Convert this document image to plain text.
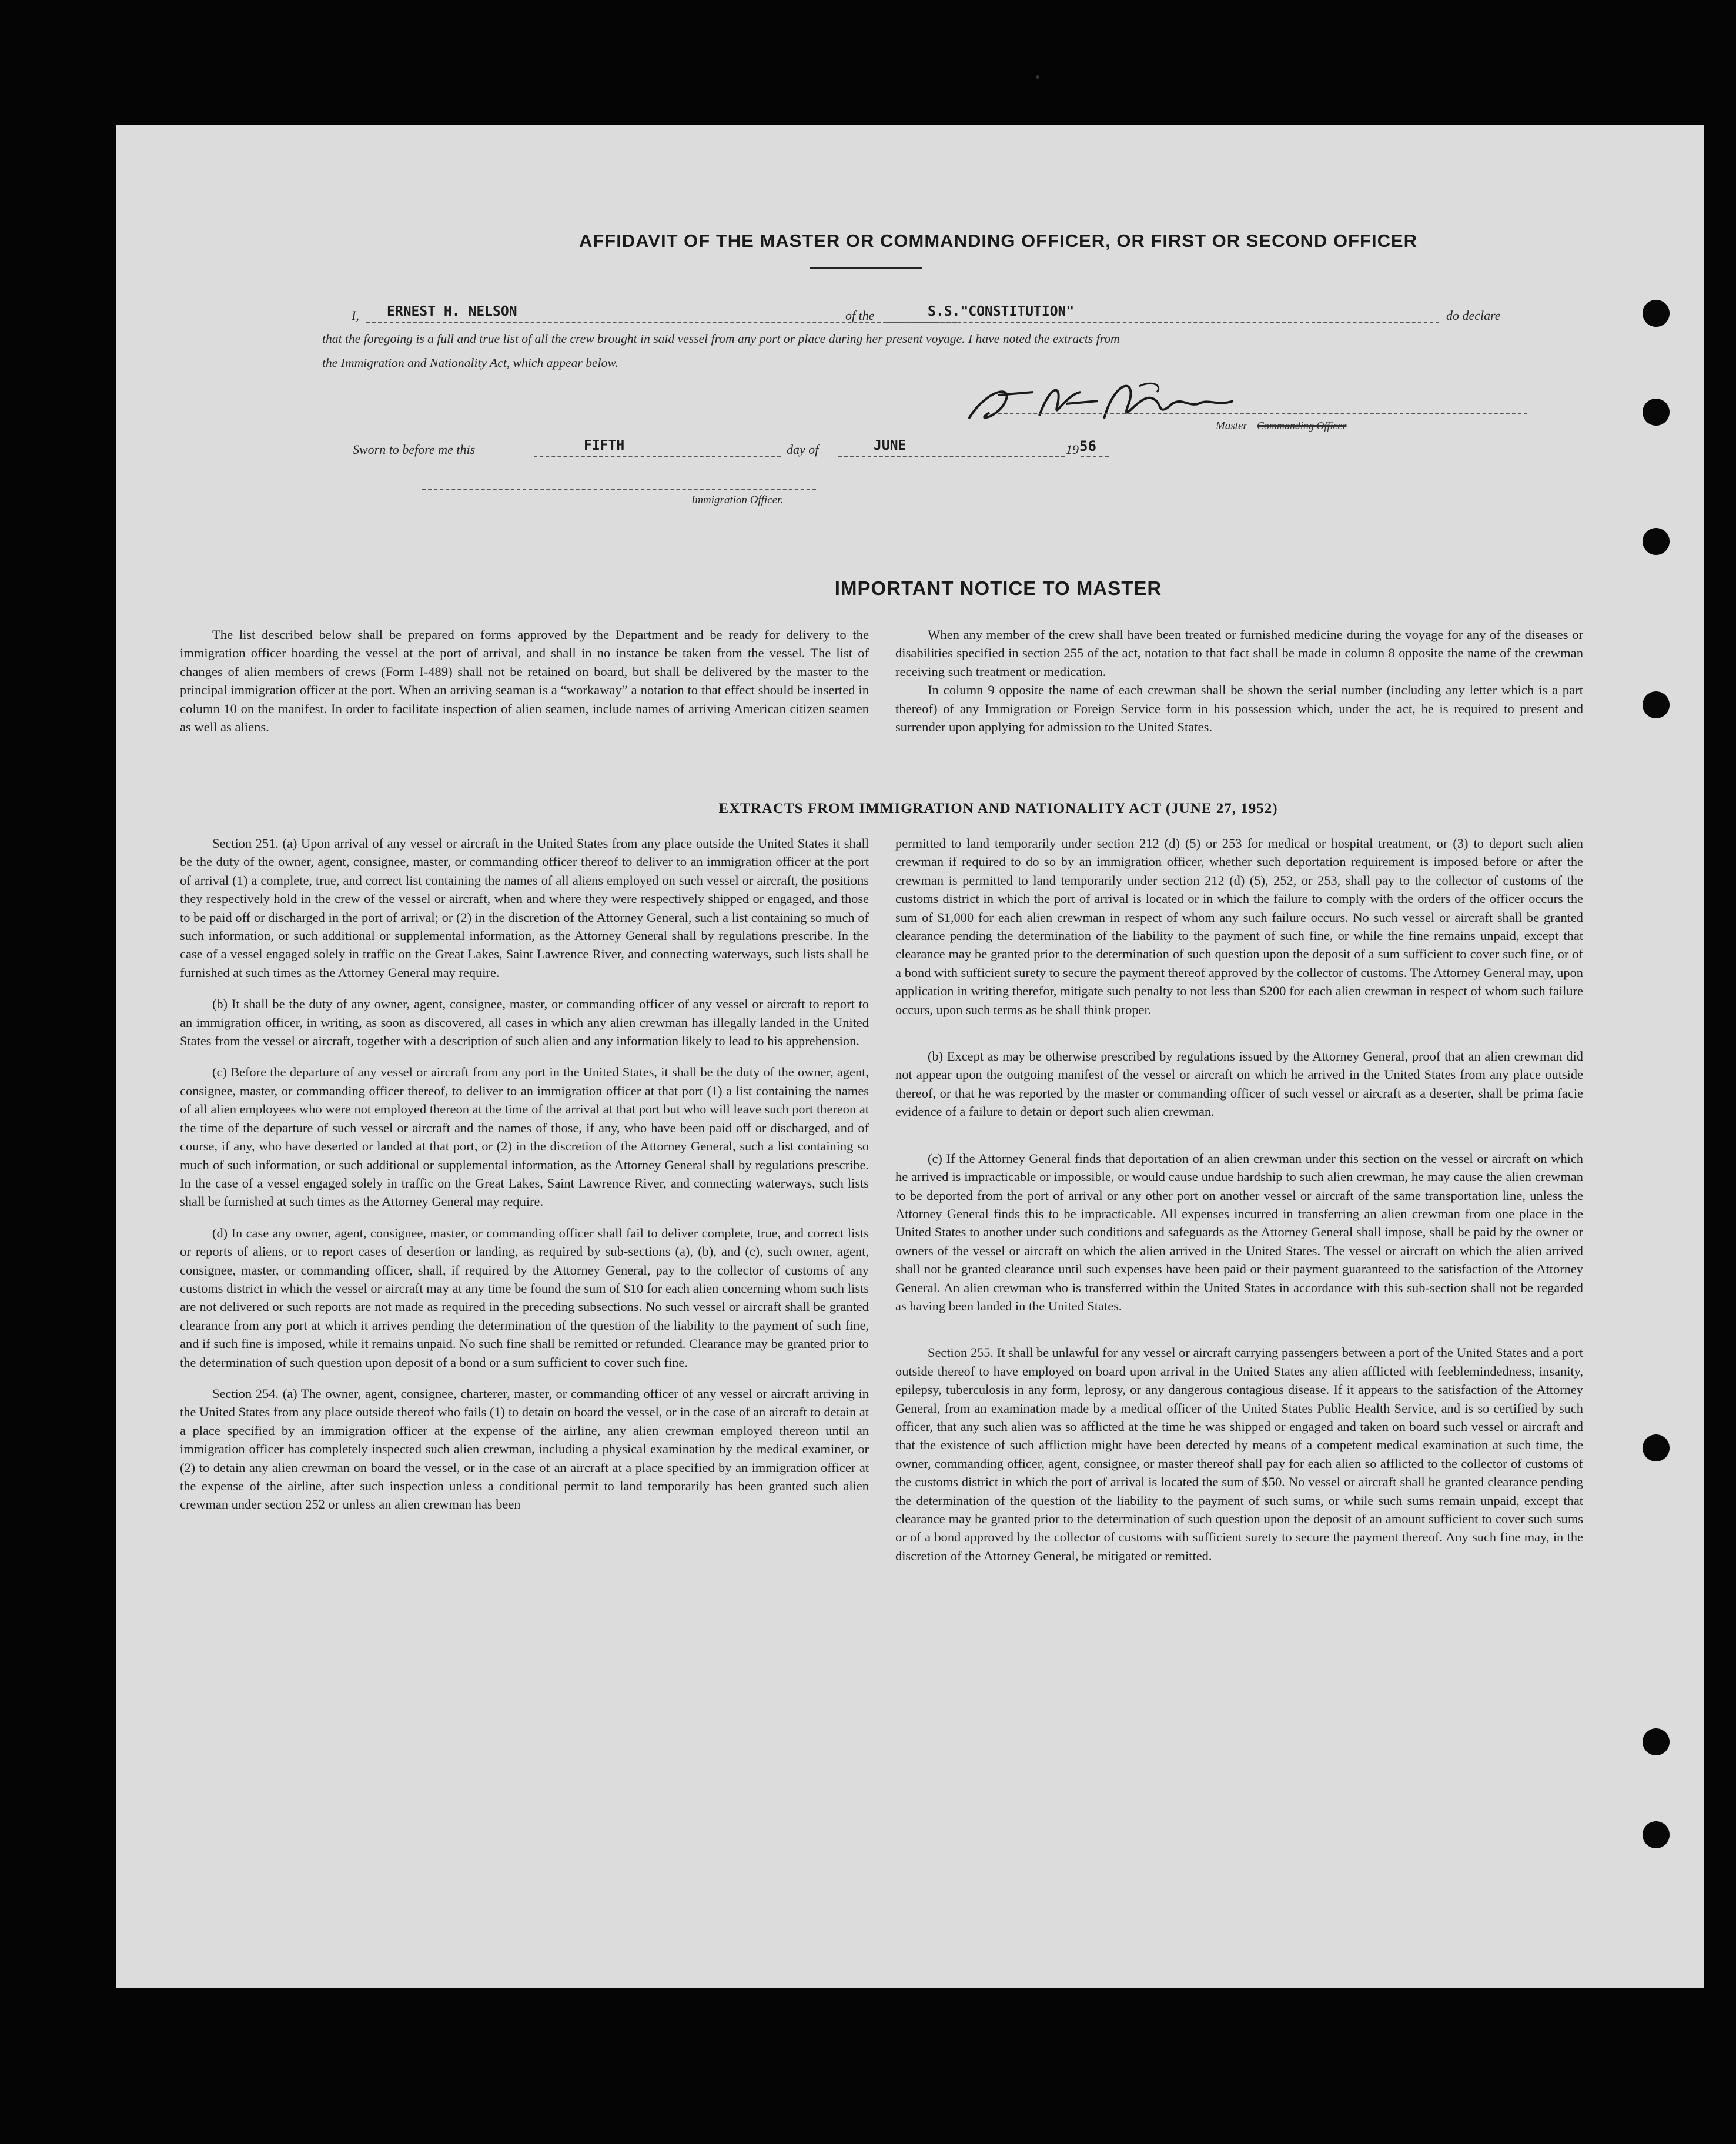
AFFIDAVIT OF THE MASTER OR COMMANDING OFFICER, OR FIRST OR SECOND OFFICER
I, ERNEST H. NELSON	of the	S.S."CONSTITUTION"	do declare
that the foregoing is a full and true list of all the crew brought in said vessel from any port or place during her present voyage. I have noted the extracts from
the Immigration and Nationality Act, which appear below.
Master Commanding Officer
Sworn to before me this	FIFTH	day of	JUNE	19 56
Immigration Officer.
IMPORTANT NOTICE TO MASTER

The list described below shall be prepared on forms approved by the Department and be ready for delivery to the immigration officer boarding the vessel at the port of arrival, and shall in no instance be taken from the vessel. The list of changes of alien members of crews (Form I-489) shall not be retained on board, but shall be delivered by the master to the principal immigration officer at the port. When an arriving seaman is a “workaway” a notation to that effect should be inserted in column 10 on the manifest. In order to facilitate inspection of alien seamen, include names of arriving American citizen seamen as well as aliens.

When any member of the crew shall have been treated or furnished medicine during the voyage for any of the diseases or disabilities specified in section 255 of the act, notation to that fact shall be made in column 8 opposite the name of the crewman receiving such treatment or medication.

In column 9 opposite the name of each crewman shall be shown the serial number (including any letter which is a part thereof) of any Immigration or Foreign Service form in his possession which, under the act, he is required to present and surrender upon applying for admission to the United States.

EXTRACTS FROM IMMIGRATION AND NATIONALITY ACT (JUNE 27, 1952)

Section 251. (a) Upon arrival of any vessel or aircraft in the United States from any place outside the United States it shall be the duty of the owner, agent, consignee, master, or commanding officer thereof to deliver to an immigration officer at the port of arrival (1) a complete, true, and correct list containing the names of all aliens employed on such vessel or aircraft, the positions they respectively hold in the crew of the vessel or aircraft, when and where they were respectively shipped or engaged, and those to be paid off or discharged in the port of arrival; or (2) in the discretion of the Attorney General, such a list containing so much of such information, or such additional or supplemental information, as the Attorney General shall by regulations prescribe. In the case of a vessel engaged solely in traffic on the Great Lakes, Saint Lawrence River, and connecting waterways, such lists shall be furnished at such times as the Attorney General may require.

(b) It shall be the duty of any owner, agent, consignee, master, or commanding officer of any vessel or aircraft to report to an immigration officer, in writing, as soon as discovered, all cases in which any alien crewman has illegally landed in the United States from the vessel or aircraft, together with a description of such alien and any information likely to lead to his apprehension.

(c) Before the departure of any vessel or aircraft from any port in the United States, it shall be the duty of the owner, agent, consignee, master, or commanding officer thereof, to deliver to an immigration officer at that port (1) a list containing the names of all alien employees who were not employed thereon at the time of the arrival at that port but who will leave such port thereon at the time of the departure of such vessel or aircraft and the names of those, if any, who have been paid off or discharged, and of course, if any, who have deserted or landed at that port, or (2) in the discretion of the Attorney General, such a list containing so much of such information, or such additional or supplemental information, as the Attorney General shall by regulations prescribe. In the case of a vessel engaged solely in traffic on the Great Lakes, Saint Lawrence River, and connecting waterways, such lists shall be furnished at such times as the Attorney General may require.

(d) In case any owner, agent, consignee, master, or commanding officer shall fail to deliver complete, true, and correct lists or reports of aliens, or to report cases of desertion or landing, as required by sub-sections (a), (b), and (c), such owner, agent, consignee, master, or commanding officer, shall, if required by the Attorney General, pay to the collector of customs of any customs district in which the vessel or aircraft may at any time be found the sum of $10 for each alien concerning whom such lists are not delivered or such reports are not made as required in the preceding subsections. No such vessel or aircraft shall be granted clearance from any port at which it arrives pending the determination of the question of the liability to the payment of such fine, and if such fine is imposed, while it remains unpaid. No such fine shall be remitted or refunded. Clearance may be granted prior to the determination of such question upon deposit of a bond or a sum sufficient to cover such fine.

Section 254. (a) The owner, agent, consignee, charterer, master, or commanding officer of any vessel or aircraft arriving in the United States from any place outside thereof who fails (1) to detain on board the vessel, or in the case of an aircraft to detain at a place specified by an immigration officer at the expense of the airline, any alien crewman employed thereon until an immigration officer has completely inspected such alien crewman, including a physical examination by the medical examiner, or (2) to detain any alien crewman on board the vessel, or in the case of an aircraft at a place specified by an immigration officer at the expense of the airline, after such inspection unless a conditional permit to land temporarily has been granted such alien crewman under section 252 or unless an alien crewman has been

permitted to land temporarily under section 212 (d) (5) or 253 for medical or hospital treatment, or (3) to deport such alien crewman if required to do so by an immigration officer, whether such deportation requirement is imposed before or after the crewman is permitted to land temporarily under section 212 (d) (5), 252, or 253, shall pay to the collector of customs of the customs district in which the port of arrival is located or in which the failure to comply with the orders of the officer occurs the sum of $1,000 for each alien crewman in respect of whom any such failure occurs. No such vessel or aircraft shall be granted clearance pending the determination of the liability to the payment of such fine, or while the fine remains unpaid, except that clearance may be granted prior to the determination of such question upon the deposit of a sum sufficient to cover such fine, or of a bond with sufficient surety to secure the payment thereof approved by the collector of customs. The Attorney General may, upon application in writing therefor, mitigate such penalty to not less than $200 for each alien crewman in respect of whom such failure occurs, upon such terms as he shall think proper.

(b) Except as may be otherwise prescribed by regulations issued by the Attorney General, proof that an alien crewman did not appear upon the outgoing manifest of the vessel or aircraft on which he arrived in the United States from any place outside thereof, or that he was reported by the master or commanding officer of such vessel or aircraft as a deserter, shall be prima facie evidence of a failure to detain or deport such alien crewman.

(c) If the Attorney General finds that deportation of an alien crewman under this section on the vessel or aircraft on which he arrived is impracticable or impossible, or would cause undue hardship to such alien crewman, he may cause the alien crewman to be deported from the port of arrival or any other port on another vessel or aircraft of the same transportation line, unless the Attorney General finds this to be impracticable. All expenses incurred in transferring an alien crewman from one place in the United States to another under such conditions and safeguards as the Attorney General shall impose, shall be paid by the owner or owners of the vessel or aircraft on which the alien arrived in the United States. The vessel or aircraft on which the alien arrived shall not be granted clearance until such expenses have been paid or their payment guaranteed to the satisfaction of the Attorney General. An alien crewman who is transferred within the United States in accordance with this sub-section shall not be regarded as having been landed in the United States.

Section 255. It shall be unlawful for any vessel or aircraft carrying passengers between a port of the United States and a port outside thereof to have employed on board upon arrival in the United States any alien afflicted with feeblemindedness, insanity, epilepsy, tuberculosis in any form, leprosy, or any dangerous contagious disease. If it appears to the satisfaction of the Attorney General, from an examination made by a medical officer of the United States Public Health Service, and is so certified by such officer, that any such alien was so afflicted at the time he was shipped or engaged and taken on board such vessel or aircraft and that the existence of such affliction might have been detected by means of a competent medical examination at such time, the owner, commanding officer, agent, consignee, or master thereof shall pay for each alien so afflicted to the collector of customs of the customs district in which the port of arrival is located the sum of $50. No vessel or aircraft shall be granted clearance pending the determination of the question of the liability to the payment of such sums, or while such sums remain unpaid, except that clearance may be granted prior to the determination of such question upon the deposit of an amount sufficient to cover such sums or of a bond approved by the collector of customs with sufficient surety to secure the payment thereof. Any such fine may, in the discretion of the Attorney General, be mitigated or remitted.
